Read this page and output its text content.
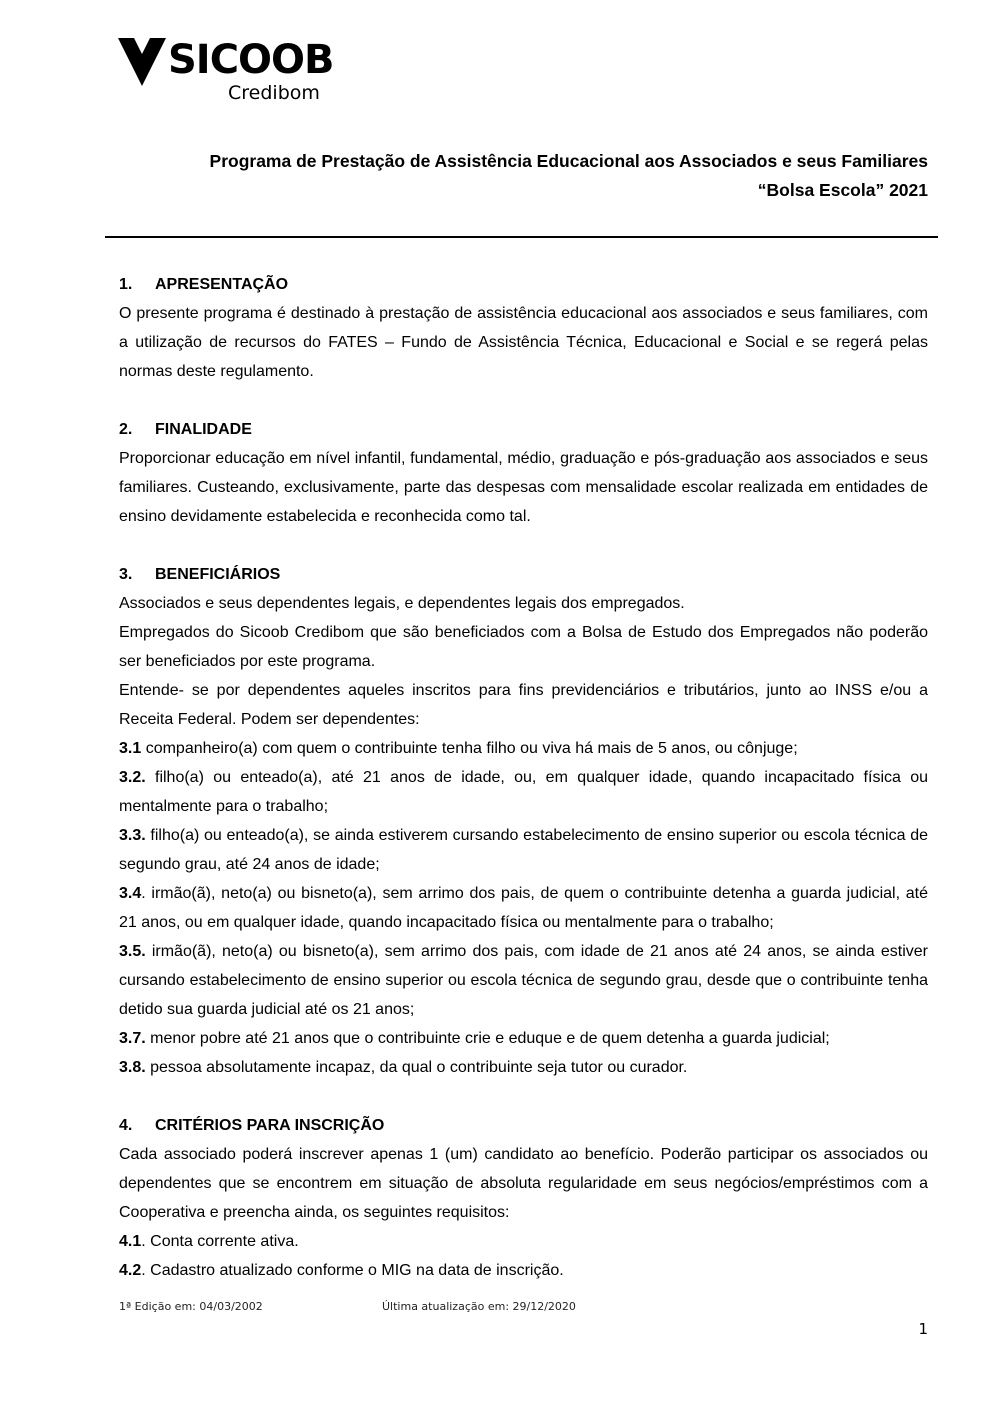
SICOOB
Credibom
Programa de Prestação de Assistência Educacional aos Associados e seus Familiares
“Bolsa Escola” 2021
1. APRESENTAÇÃO

O presente programa é destinado à prestação de assistência educacional aos associados e seus familiares, com a utilização de recursos do FATES – Fundo de Assistência Técnica, Educacional e Social e se regerá pelas normas deste regulamento.

2. FINALIDADE

Proporcionar educação em nível infantil, fundamental, médio, graduação e pós-graduação aos associados e seus familiares. Custeando, exclusivamente, parte das despesas com mensalidade escolar realizada em entidades de ensino devidamente estabelecida e reconhecida como tal.

3. BENEFICIÁRIOS

Associados e seus dependentes legais, e dependentes legais dos empregados.

Empregados do Sicoob Credibom que são beneficiados com a Bolsa de Estudo dos Empregados não poderão ser beneficiados por este programa.

Entende- se por dependentes aqueles inscritos para fins previdenciários e tributários, junto ao INSS e/ou a Receita Federal. Podem ser dependentes:

3.1 companheiro(a) com quem o contribuinte tenha filho ou viva há mais de 5 anos, ou cônjuge;

3.2. filho(a) ou enteado(a), até 21 anos de idade, ou, em qualquer idade, quando incapacitado física ou mentalmente para o trabalho;

3.3. filho(a) ou enteado(a), se ainda estiverem cursando estabelecimento de ensino superior ou escola técnica de segundo grau, até 24 anos de idade;

3.4. irmão(ã), neto(a) ou bisneto(a), sem arrimo dos pais, de quem o contribuinte detenha a guarda judicial, até 21 anos, ou em qualquer idade, quando incapacitado física ou mentalmente para o trabalho;

3.5. irmão(ã), neto(a) ou bisneto(a), sem arrimo dos pais, com idade de 21 anos até 24 anos, se ainda estiver cursando estabelecimento de ensino superior ou escola técnica de segundo grau, desde que o contribuinte tenha detido sua guarda judicial até os 21 anos;

3.7. menor pobre até 21 anos que o contribuinte crie e eduque e de quem detenha a guarda judicial;

3.8. pessoa absolutamente incapaz, da qual o contribuinte seja tutor ou curador.

4. CRITÉRIOS PARA INSCRIÇÃO

Cada associado poderá inscrever apenas 1 (um) candidato ao benefício. Poderão participar os associados ou dependentes que se encontrem em situação de absoluta regularidade em seus negócios/empréstimos com a Cooperativa e preencha ainda, os seguintes requisitos:

4.1. Conta corrente ativa.

4.2. Cadastro atualizado conforme o MIG na data de inscrição.

1ª Edição em: 04/03/2002	Última atualização em: 29/12/2020
1
